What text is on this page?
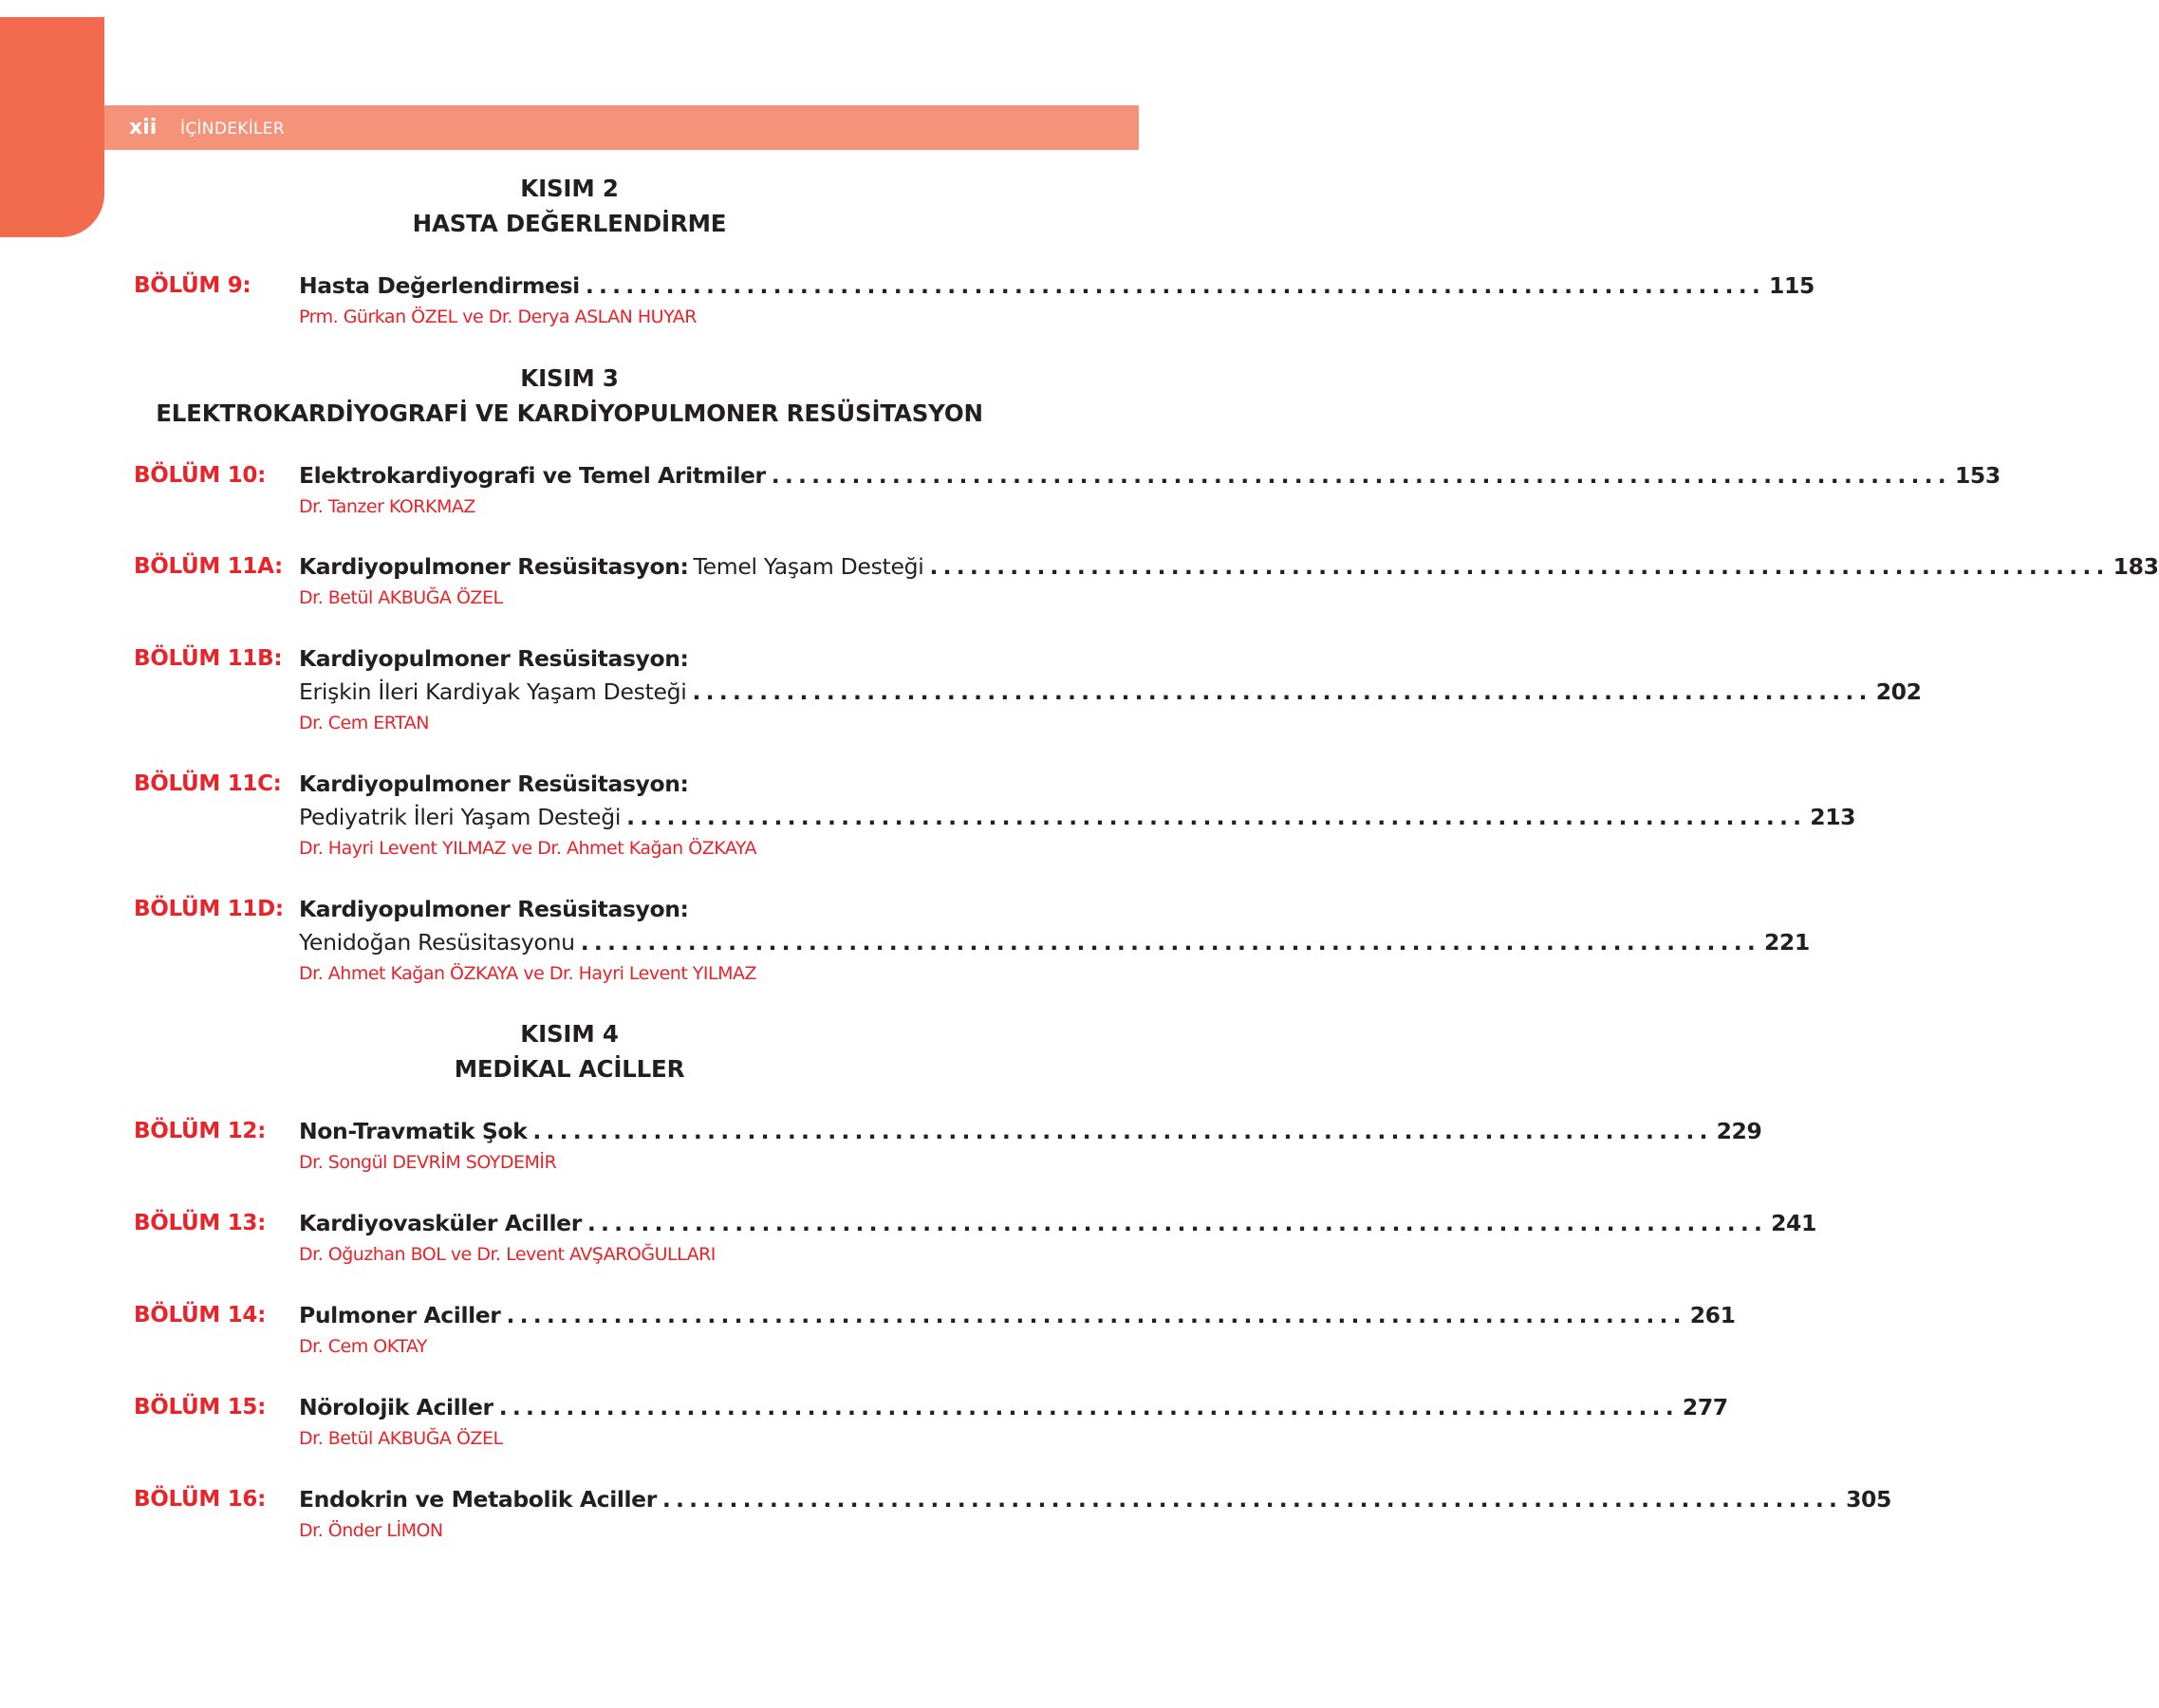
xii İÇİNDEKİLER
KISIM 2
HASTA DEĞERLENDİRME
BÖLÜM 9: Hasta Değerlendirmesi ........................................................................................ 115
Prm. Gürkan ÖZEL ve Dr. Derya ASLAN HUYAR
KISIM 3
ELEKTROKARDİYOGRAFİ VE KARDİYOPULMONER RESÜSİTASYON
BÖLÜM 10: Elektrokardiyografi ve Temel Aritmiler ........................................................................................ 153
Dr. Tanzer KORKMAZ
BÖLÜM 11A: Kardiyopulmoner Resüsitasyon: Temel Yaşam Desteği ........................................................................................ 183
Dr. Betül AKBUĞA ÖZEL
BÖLÜM 11B: Kardiyopulmoner Resüsitasyon:
Erişkin İleri Kardiyak Yaşam Desteği ........................................................................................ 202
Dr. Cem ERTAN
BÖLÜM 11C: Kardiyopulmoner Resüsitasyon:
Pediyatrik İleri Yaşam Desteği ........................................................................................ 213
Dr. Hayri Levent YILMAZ ve Dr. Ahmet Kağan ÖZKAYA
BÖLÜM 11D: Kardiyopulmoner Resüsitasyon:
Yenidoğan Resüsitasyonu ........................................................................................ 221
Dr. Ahmet Kağan ÖZKAYA ve Dr. Hayri Levent YILMAZ
KISIM 4
MEDİKAL ACİLLER
BÖLÜM 12: Non-Travmatik Şok ........................................................................................ 229
Dr. Songül DEVRİM SOYDEMİR
BÖLÜM 13: Kardiyovasküler Aciller ........................................................................................ 241
Dr. Oğuzhan BOL ve Dr. Levent AVŞAROĞULLARI
BÖLÜM 14: Pulmoner Aciller ........................................................................................ 261
Dr. Cem OKTAY
BÖLÜM 15: Nörolojik Aciller ........................................................................................ 277
Dr. Betül AKBUĞA ÖZEL
BÖLÜM 16: Endokrin ve Metabolik Aciller ........................................................................................ 305
Dr. Önder LİMON
